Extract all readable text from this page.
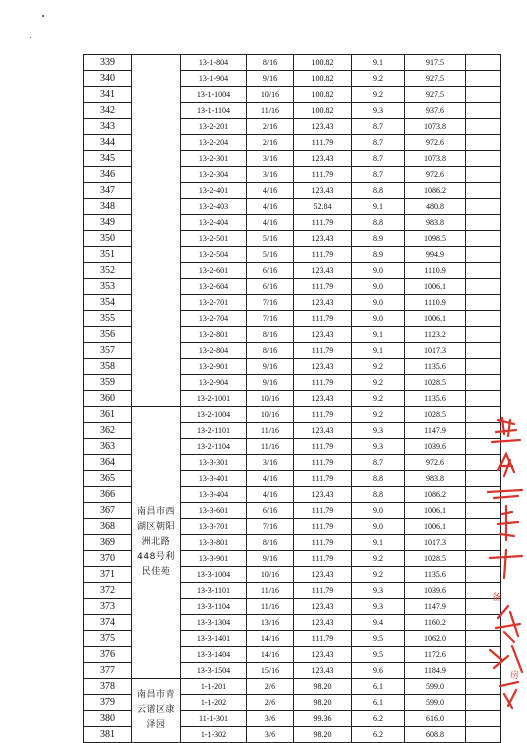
339		13-1-804	8/16	100.82	9.1	917.5	
340		13-1-904	9/16	100.82	9.2	927.5	
341		13-1-1004	10/16	100.82	9.2	927.5	
342		13-1-1104	11/16	100.82	9.3	937.6	
343		13-2-201	2/16	123.43	8.7	1073.8	
344		13-2-204	2/16	111.79	8.7	972.6	
345		13-2-301	3/16	123.43	8.7	1073.8	
346		13-2-304	3/16	111.79	8.7	972.6	
347		13-2-401	4/16	123.43	8.8	1086.2	
348		13-2-403	4/16	52.84	9.1	480.8	
349		13-2-404	4/16	111.79	8.8	983.8	
350		13-2-501	5/16	123.43	8.9	1098.5	
351		13-2-504	5/16	111.79	8.9	994.9	
352		13-2-601	6/16	123.43	9.0	1110.9	
353		13-2-604	6/16	111.79	9.0	1006.1	
354		13-2-701	7/16	123.43	9.0	1110.9	
355		13-2-704	7/16	111.79	9.0	1006.1	
356		13-2-801	8/16	123.43	9.1	1123.2	
357		13-2-804	8/16	111.79	9.1	1017.3	
358		13-2-901	9/16	123.43	9.2	1135.6	
359		13-2-904	9/16	111.79	9.2	1028.5	
360		13-2-1001	10/16	123.43	9.2	1135.6	
361	南昌市西湖区朝阳洲北路448号利民佳苑	13-2-1004	10/16	111.79	9.2	1028.5	
362		13-2-1101	11/16	123.43	9.3	1147.9	
363		13-2-1104	11/16	111.79	9.3	1039.6	
364		13-3-301	3/16	111.79	8.7	972.6	
365		13-3-401	4/16	111.79	8.8	983.8	
366		13-3-404	4/16	123.43	8.8	1086.2	
367		13-3-601	6/16	111.79	9.0	1006.1	
368		13-3-701	7/16	111.79	9.0	1006.1	
369		13-3-801	8/16	111.79	9.1	1017.3	
370		13-3-901	9/16	111.79	9.2	1028.5	
371		13-3-1004	10/16	123.43	9.2	1135.6	
372		13-3-1101	11/16	111.79	9.3	1039.6	
373		13-3-1104	11/16	123.43	9.3	1147.9	
374		13-3-1304	13/16	123.43	9.4	1160.2	
375		13-3-1401	14/16	111.79	9.5	1062.0	
376		13-3-1404	14/16	123.43	9.5	1172.6	
377		13-3-1504	15/16	123.43	9.6	1184.9	
378	南昌市青云谱区康泽园	1-1-201	2/6	98.20	6.1	599.0	
379		1-1-202	2/6	98.20	6.1	599.0	
380		11-1-301	3/6	99.36	6.2	616.0	
381		1-1-302	3/6	98.20	6.2	608.8	
备
房
